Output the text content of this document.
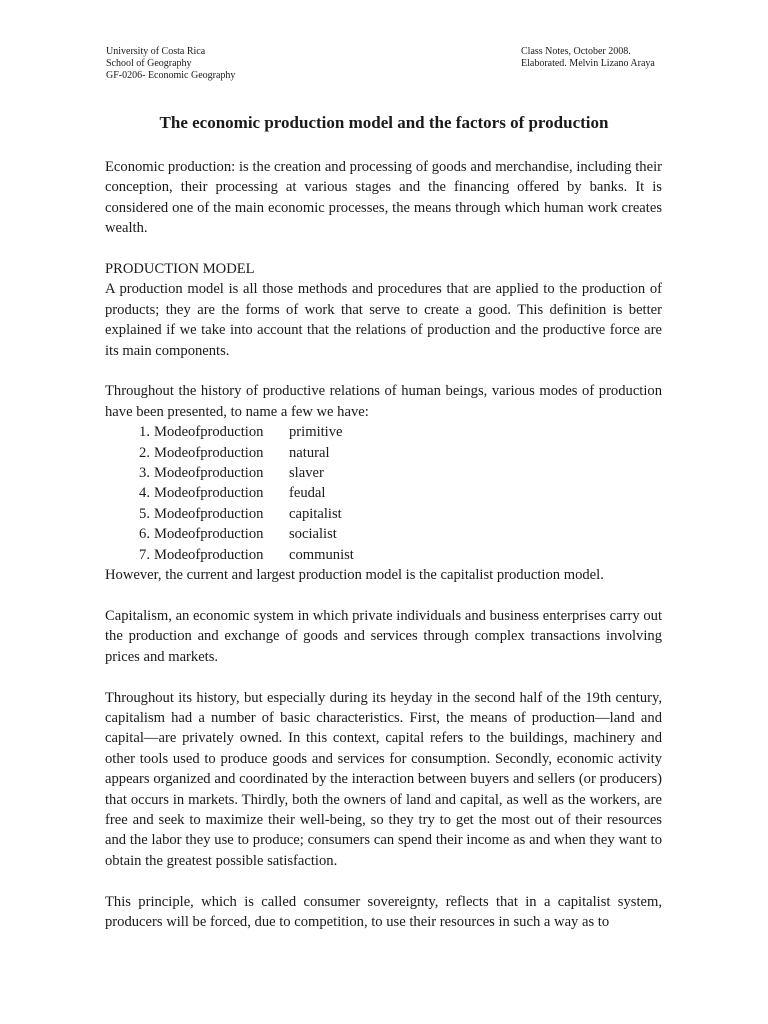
University of Costa Rica
School of Geography
GF-0206- Economic Geography
Class Notes, October 2008.
Elaborated. Melvin Lizano Araya
The economic production model and the factors of production

Economic production: is the creation and processing of goods and merchandise, including their conception, their processing at various stages and the financing offered by banks. It is considered one of the main economic processes, the means through which human work creates wealth.

PRODUCTION MODEL

A production model is all those methods and procedures that are applied to the production of products; they are the forms of work that serve to create a good. This definition is better explained if we take into account that the relations of production and the productive force are its main components.

Throughout the history of productive relations of human beings, various modes of production have been presented, to name a few we have:

1. Modeofproduction	primitive
2. Modeofproduction	natural
3. Modeofproduction	slaver
4. Modeofproduction	feudal
5. Modeofproduction	capitalist
6. Modeofproduction	socialist
7. Modeofproduction	communist

However, the current and largest production model is the capitalist production model.

Capitalism, an economic system in which private individuals and business enterprises carry out the production and exchange of goods and services through complex transactions involving prices and markets.

Throughout its history, but especially during its heyday in the second half of the 19th century, capitalism had a number of basic characteristics. First, the means of production—land and capital—are privately owned. In this context, capital refers to the buildings, machinery and other tools used to produce goods and services for consumption. Secondly, economic activity appears organized and coordinated by the interaction between buyers and sellers (or producers) that occurs in markets. Thirdly, both the owners of land and capital, as well as the workers, are free and seek to maximize their well-being, so they try to get the most out of their resources and the labor they use to produce; consumers can spend their income as and when they want to obtain the greatest possible satisfaction.

This principle, which is called consumer sovereignty, reflects that in a capitalist system, producers will be forced, due to competition, to use their resources in such a way as to
